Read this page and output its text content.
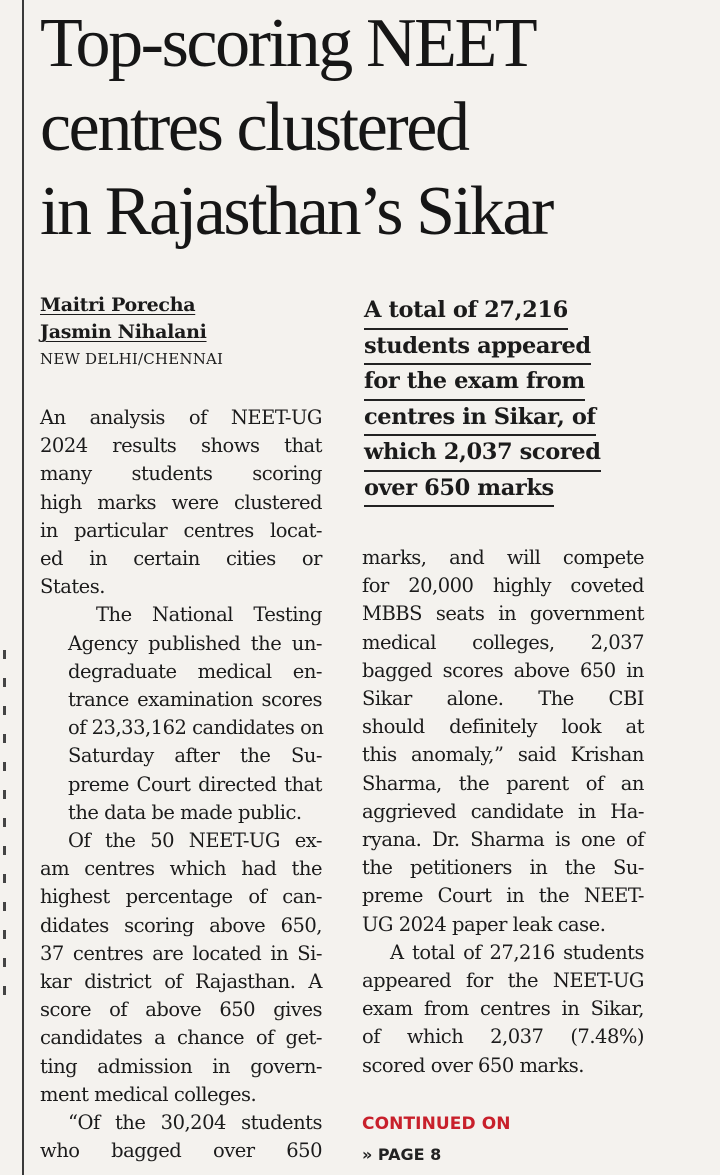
Top-scoring NEET
centres clustered
in Rajasthan’s Sikar
Maitri Porecha
Jasmin Nihalani
NEW DELHI/CHENNAI
A total of 27,216
students appeared
for the exam from
centres in Sikar, of
which 2,037 scored
over 650 marks

An analysis of NEET-UG
2024 results shows that
many students scoring
high marks were clustered
in particular centres locat-
ed in certain cities or
States.

The National Testing
Agency published the un-
degraduate medical en-
trance examination scores
of 23,33,162 candidates on
Saturday after the Su-
preme Court directed that
the data be made public.

Of the 50 NEET-UG ex-
am centres which had the
highest percentage of can-
didates scoring above 650,
37 centres are located in Si-
kar district of Rajasthan. A
score of above 650 gives
candidates a chance of get-
ting admission in govern-
ment medical colleges.

“Of the 30,204 students
who bagged over 650

marks, and will compete
for 20,000 highly coveted
MBBS seats in government
medical colleges, 2,037
bagged scores above 650 in
Sikar alone. The CBI
should definitely look at
this anomaly,” said Krishan
Sharma, the parent of an
aggrieved candidate in Ha-
ryana. Dr. Sharma is one of
the petitioners in the Su-
preme Court in the NEET-
UG 2024 paper leak case.

A total of 27,216 students
appeared for the NEET-UG
exam from centres in Sikar,
of which 2,037 (7.48%)
scored over 650 marks.

CONTINUED ON
» PAGE 8
